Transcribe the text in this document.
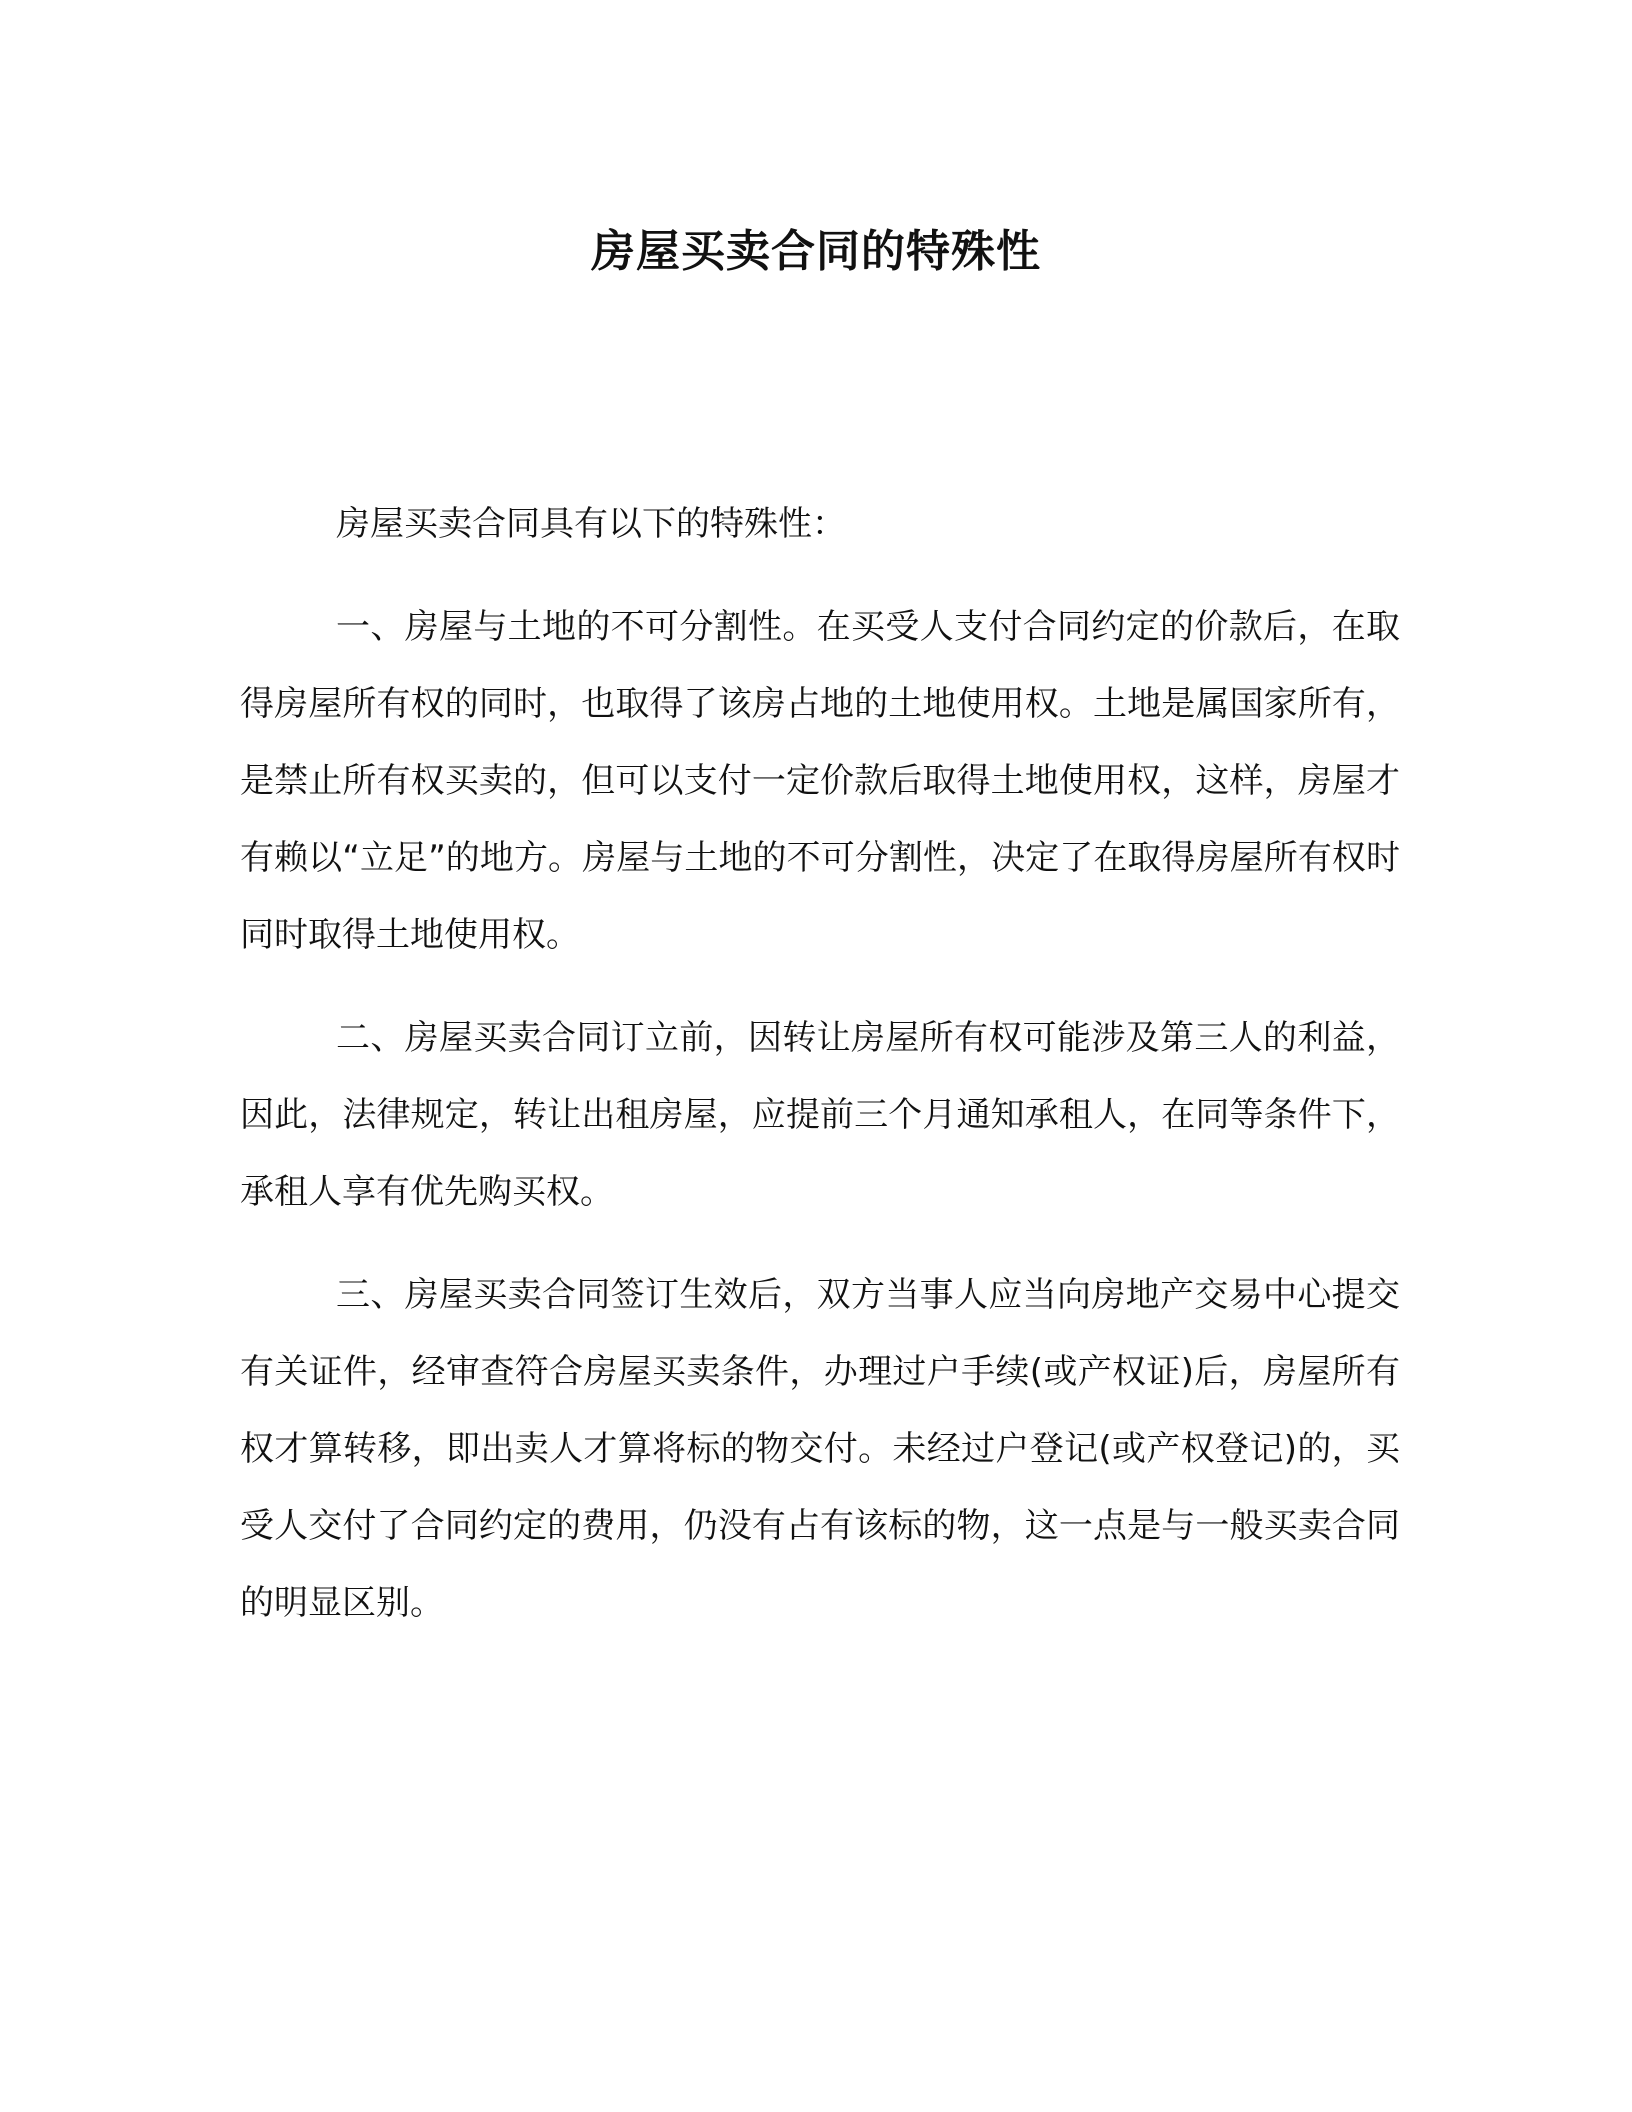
房屋买卖合同的特殊性

房屋买卖合同具有以下的特殊性：

一、房屋与土地的不可分割性。在买受人支付合同约定的价款后，在取得房屋所有权的同时，也取得了该房占地的土地使用权。土地是属国家所有，是禁止所有权买卖的，但可以支付一定价款后取得土地使用权，这样，房屋才有赖以“立足”的地方。房屋与土地的不可分割性，决定了在取得房屋所有权时同时取得土地使用权。

二、房屋买卖合同订立前，因转让房屋所有权可能涉及第三人的利益，因此，法律规定，转让出租房屋，应提前三个月通知承租人，在同等条件下，承租人享有优先购买权。

三、房屋买卖合同签订生效后，双方当事人应当向房地产交易中心提交有关证件，经审查符合房屋买卖条件，办理过户手续(或产权证)后，房屋所有权才算转移，即出卖人才算将标的物交付。未经过户登记(或产权登记)的，买受人交付了合同约定的费用，仍没有占有该标的物，这一点是与一般买卖合同的明显区别。
